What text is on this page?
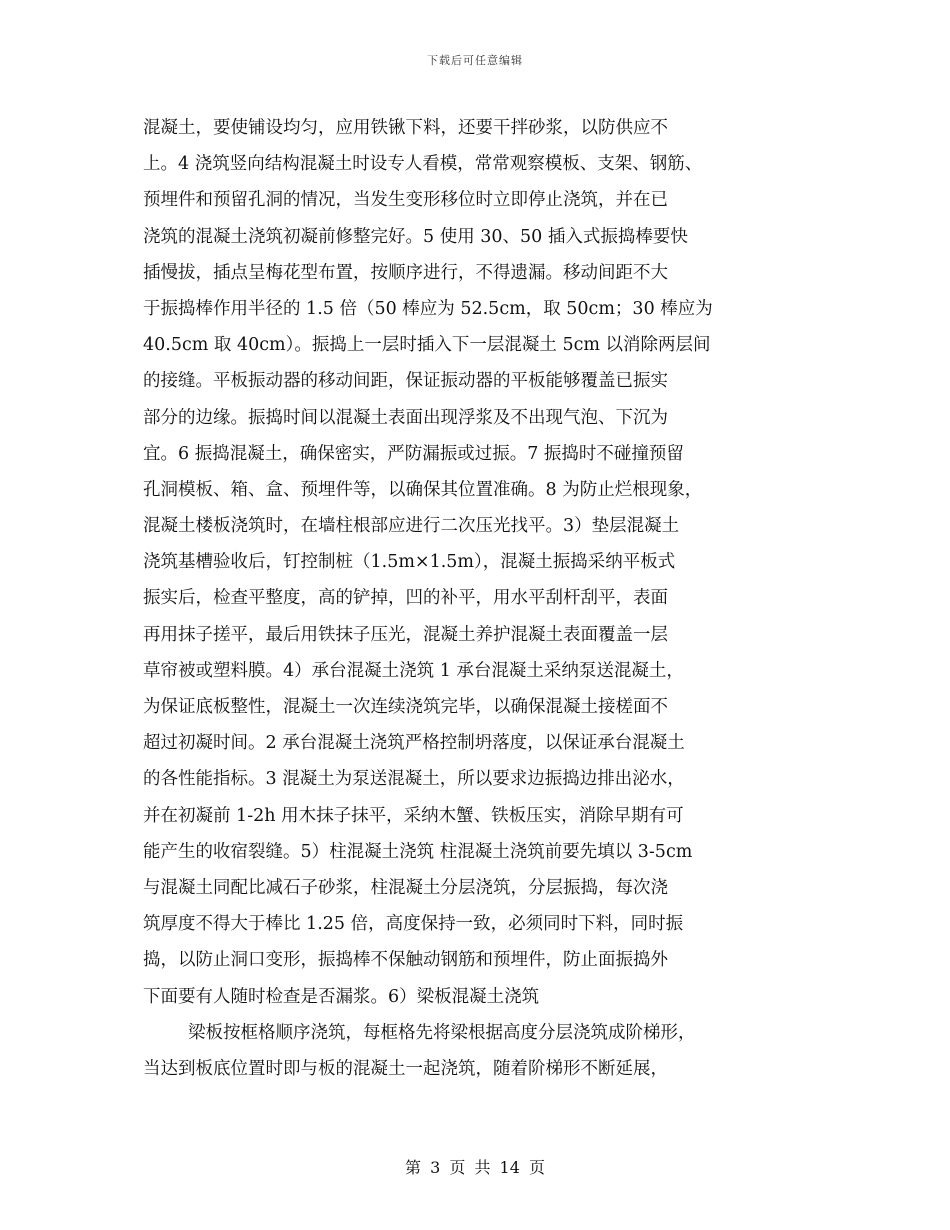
下载后可任意编辑
混凝土，要使铺设均匀，应用铁锹下料，还要干拌砂浆，以防供应不
上。4 浇筑竖向结构混凝土时设专人看模，常常观察模板、支架、钢筋、
预埋件和预留孔洞的情况，当发生变形移位时立即停止浇筑，并在已
浇筑的混凝土浇筑初凝前修整完好。5 使用 30、50 插入式振捣棒要快
插慢拔，插点呈梅花型布置，按顺序进行，不得遗漏。移动间距不大
于振捣棒作用半径的 1.5 倍（50 棒应为 52.5cm，取 50cm；30 棒应为
40.5cm 取 40cm）。振捣上一层时插入下一层混凝土 5cm 以消除两层间
的接缝。平板振动器的移动间距，保证振动器的平板能够覆盖已振实
部分的边缘。振捣时间以混凝土表面出现浮浆及不出现气泡、下沉为
宜。6 振捣混凝土，确保密实，严防漏振或过振。7 振捣时不碰撞预留
孔洞模板、箱、盒、预埋件等，以确保其位置准确。8 为防止烂根现象，
混凝土楼板浇筑时，在墙柱根部应进行二次压光找平。3）垫层混凝土
浇筑基槽验收后，钉控制桩（1.5m×1.5m），混凝土振捣采纳平板式
振实后，检查平整度，高的铲掉，凹的补平，用水平刮杆刮平，表面
再用抹子搓平，最后用铁抹子压光，混凝土养护混凝土表面覆盖一层
草帘被或塑料膜。4）承台混凝土浇筑 1 承台混凝土采纳泵送混凝土，
为保证底板整性，混凝土一次连续浇筑完毕，以确保混凝土接槎面不
超过初凝时间。2 承台混凝土浇筑严格控制坍落度，以保证承台混凝土
的各性能指标。3 混凝土为泵送混凝土，所以要求边振捣边排出泌水，
并在初凝前 1-2h 用木抹子抹平，采纳木蟹、铁板压实，消除早期有可
能产生的收宿裂缝。5）柱混凝土浇筑 柱混凝土浇筑前要先填以 3-5cm
与混凝土同配比减石子砂浆，柱混凝土分层浇筑，分层振捣，每次浇
筑厚度不得大于棒比 1.25 倍，高度保持一致，必须同时下料，同时振
捣，以防止洞口变形，振捣棒不保触动钢筋和预埋件，防止面振捣外
下面要有人随时检查是否漏浆。6）梁板混凝土浇筑
梁板按框格顺序浇筑，每框格先将梁根据高度分层浇筑成阶梯形，
当达到板底位置时即与板的混凝土一起浇筑，随着阶梯形不断延展，
第 3 页 共 14 页
